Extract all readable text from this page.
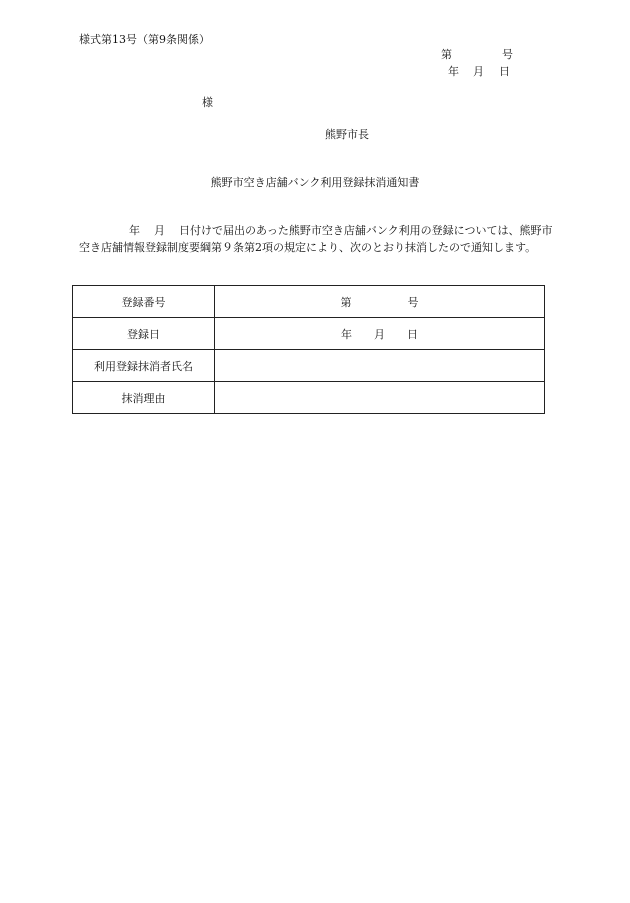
様式第13号（第9条関係）
第	号
年 月 日
様
熊野市長
熊野市空き店舗バンク利用登録抹消通知書
年 月 日付けで届出のあった熊野市空き店舗バンク利用の登録については、熊野市空き店舗情報登録制度要綱第９条第2項の規定により、次のとおり抹消したので通知します。
登録番号	第 号
登録日	年 月 日
利用登録抹消者氏名	
抹消理由	
